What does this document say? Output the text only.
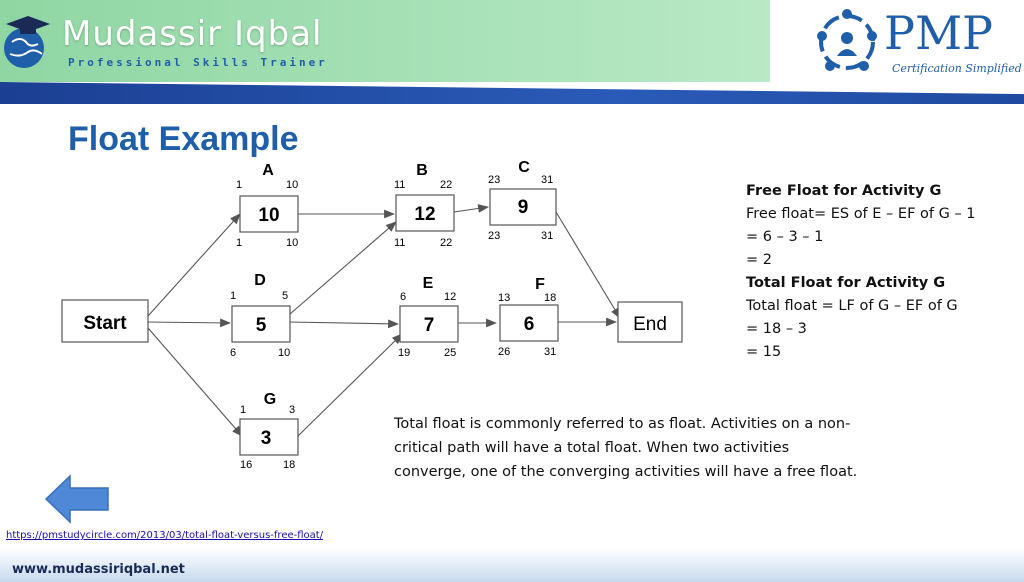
Mudassir Iqbal
Professional Skills Trainer
PMP
Certification Simplified
Float Example
Start	End
A
1	10
10
1	10
B
11	22
12
11	22
C
23	31
9
23	31
D
1	5
5
6	10
E
6	12
7
19	25
F
13	18
6
26	31
G
1	3
3
16	18
Free Float for Activity G
Free float= ES of E – EF of G – 1
= 6 – 3 – 1
= 2
Total Float for Activity G
Total float = LF of G – EF of G
= 18 – 3
= 15
Total float is commonly referred to as float. Activities on a non-
critical path will have a total float. When two activities
converge, one of the converging activities will have a free float.
https://pmstudycircle.com/2013/03/total-float-versus-free-float/
www.mudassiriqbal.net
